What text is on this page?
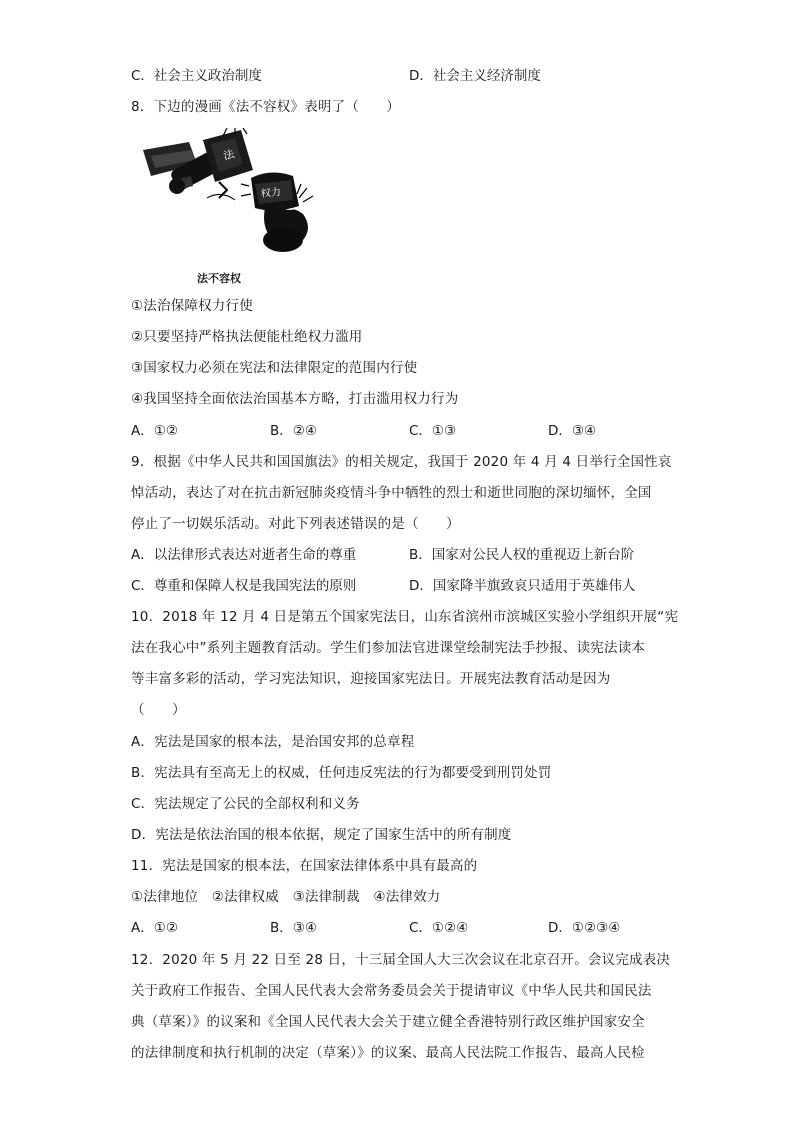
C．社会主义政治制度	D．社会主义经济制度
8．下边的漫画《法不容权》表明了（　　）
法
权力
法不容权
①法治保障权力行使
②只要坚持严格执法便能杜绝权力滥用
③国家权力必须在宪法和法律限定的范围内行使
④我国坚持全面依法治国基本方略，打击滥用权力行为
A．①②	B．②④	C．①③	D．③④
9．根据《中华人民共和国国旗法》的相关规定，我国于 2020 年 4 月 4 日举行全国性哀
悼活动，表达了对在抗击新冠肺炎疫情斗争中牺牲的烈士和逝世同胞的深切缅怀，全国
停止了一切娱乐活动。对此下列表述错误的是（　　）
A．以法律形式表达对逝者生命的尊重	B．国家对公民人权的重视迈上新台阶
C．尊重和保障人权是我国宪法的原则	D．国家降半旗致哀只适用于英雄伟人
10．2018 年 12 月 4 日是第五个国家宪法日，山东省滨州市滨城区实验小学组织开展“宪
法在我心中”系列主题教育活动。学生们参加法官进课堂绘制宪法手抄报、读宪法读本
等丰富多彩的活动，学习宪法知识，迎接国家宪法日。开展宪法教育活动是因为
（　　）
A．宪法是国家的根本法，是治国安邦的总章程
B．宪法具有至高无上的权威，任何违反宪法的行为都要受到刑罚处罚
C．宪法规定了公民的全部权利和义务
D．宪法是依法治国的根本依据，规定了国家生活中的所有制度
11．宪法是国家的根本法，在国家法律体系中具有最高的
①法律地位　②法律权威　③法律制裁　④法律效力
A．①②	B．③④	C．①②④	D．①②③④
12．2020 年 5 月 22 日至 28 日，十三届全国人大三次会议在北京召开。会议完成表决
关于政府工作报告、全国人民代表大会常务委员会关于提请审议《中华人民共和国民法
典（草案）》的议案和《全国人民代表大会关于建立健全香港特别行政区维护国家安全
的法律制度和执行机制的决定（草案）》的议案、最高人民法院工作报告、最高人民检
